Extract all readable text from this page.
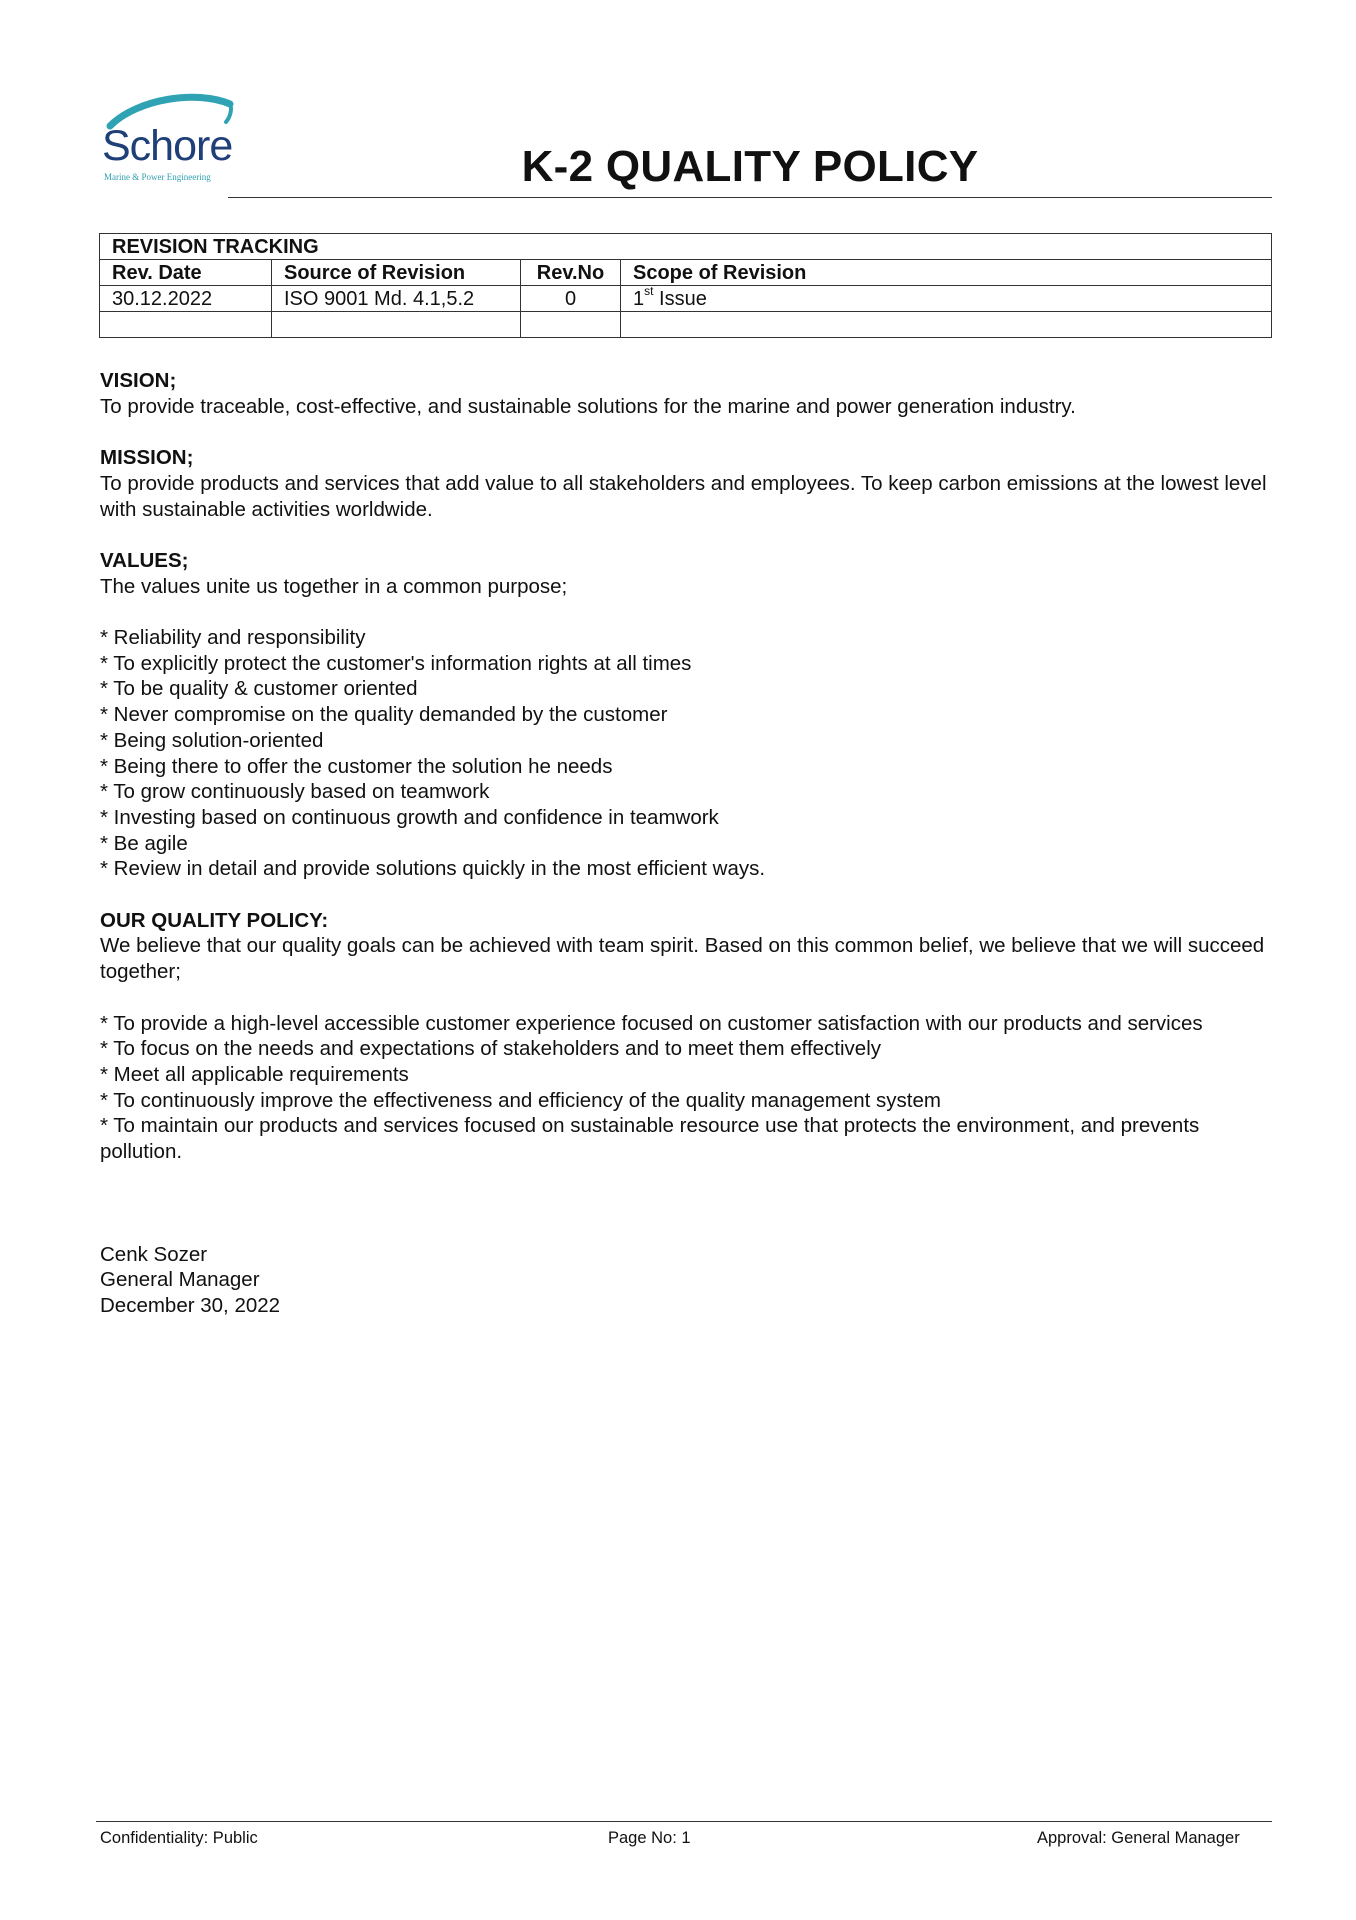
Schore
Marine & Power Engineering	K-2 QUALITY POLICY
REVISION TRACKING			
Rev. Date	Source of Revision	Rev.No	Scope of Revision
30.12.2022	ISO 9001 Md. 4.1,5.2	0	1st Issue

VISION;

To provide traceable, cost-effective, and sustainable solutions for the marine and power generation industry.

MISSION;

To provide products and services that add value to all stakeholders and employees. To keep carbon emissions at the lowest level with sustainable activities worldwide.

VALUES;

The values unite us together in a common purpose;

* Reliability and responsibility
* To explicitly protect the customer's information rights at all times
* To be quality & customer oriented
* Never compromise on the quality demanded by the customer
* Being solution-oriented
* Being there to offer the customer the solution he needs
* To grow continuously based on teamwork
* Investing based on continuous growth and confidence in teamwork
* Be agile
* Review in detail and provide solutions quickly in the most efficient ways.

OUR QUALITY POLICY:

We believe that our quality goals can be achieved with team spirit. Based on this common belief, we believe that we will succeed together;

* To provide a high-level accessible customer experience focused on customer satisfaction with our products and services
* To focus on the needs and expectations of stakeholders and to meet them effectively
* Meet all applicable requirements
* To continuously improve the effectiveness and efficiency of the quality management system
* To maintain our products and services focused on sustainable resource use that protects the environment, and prevents pollution.

Cenk Sozer

General Manager

December 30, 2022

Confidentiality: Public	Page No: 1	Approval: General Manager
